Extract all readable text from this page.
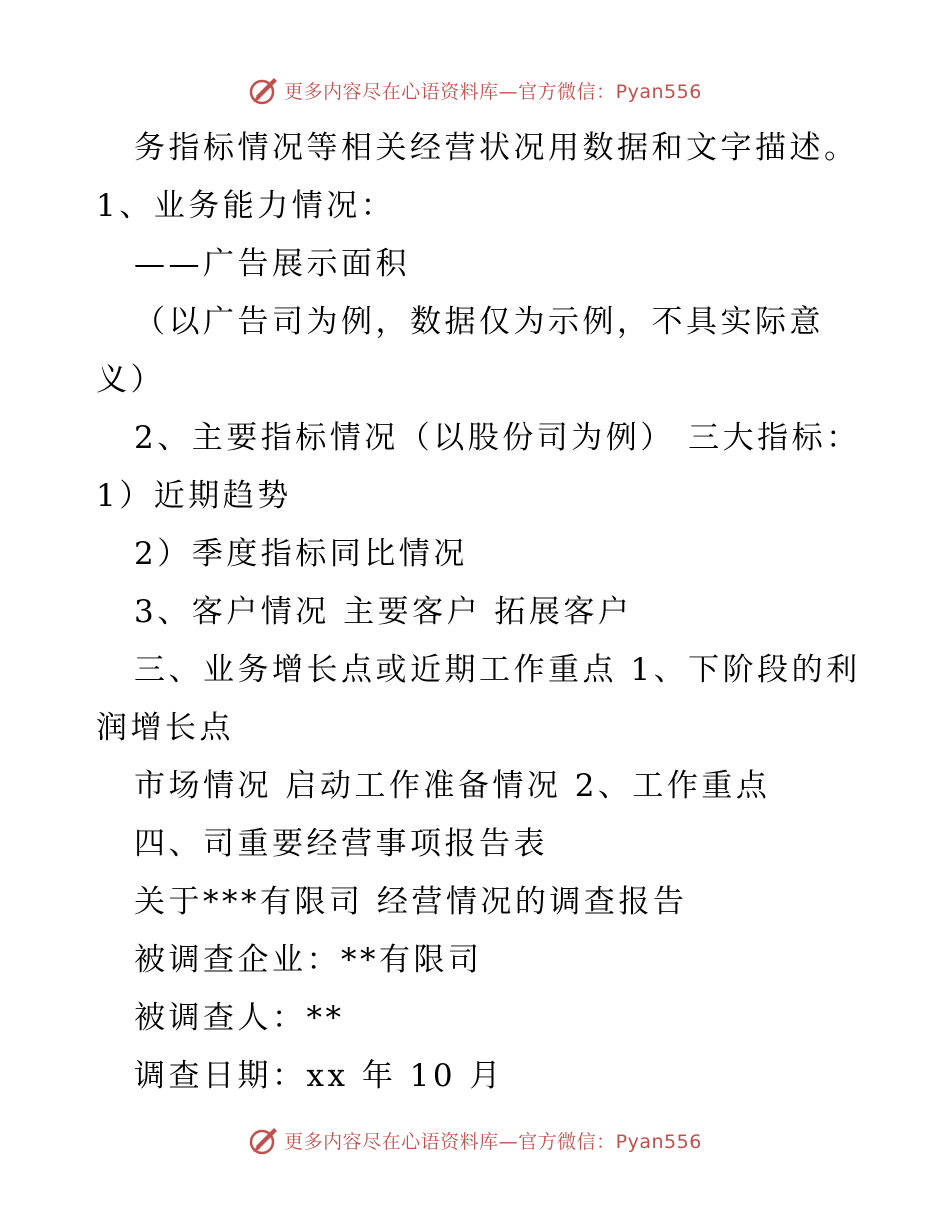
更多内容尽在心语资料库—官方微信：Pyan556
务指标情况等相关经营状况用数据和文字描述。
1、业务能力情况：
——广告展示面积
（以广告司为例，数据仅为示例，不具实际意
义）
2、主要指标情况（以股份司为例） 三大指标：
1）近期趋势
2）季度指标同比情况
3、客户情况 主要客户 拓展客户
三、业务增长点或近期工作重点 1、下阶段的利
润增长点
市场情况 启动工作准备情况 2、工作重点
四、司重要经营事项报告表
关于***有限司 经营情况的调查报告
被调查企业：**有限司
被调查人：**
调查日期：xx 年 10 月
更多内容尽在心语资料库—官方微信：Pyan556
